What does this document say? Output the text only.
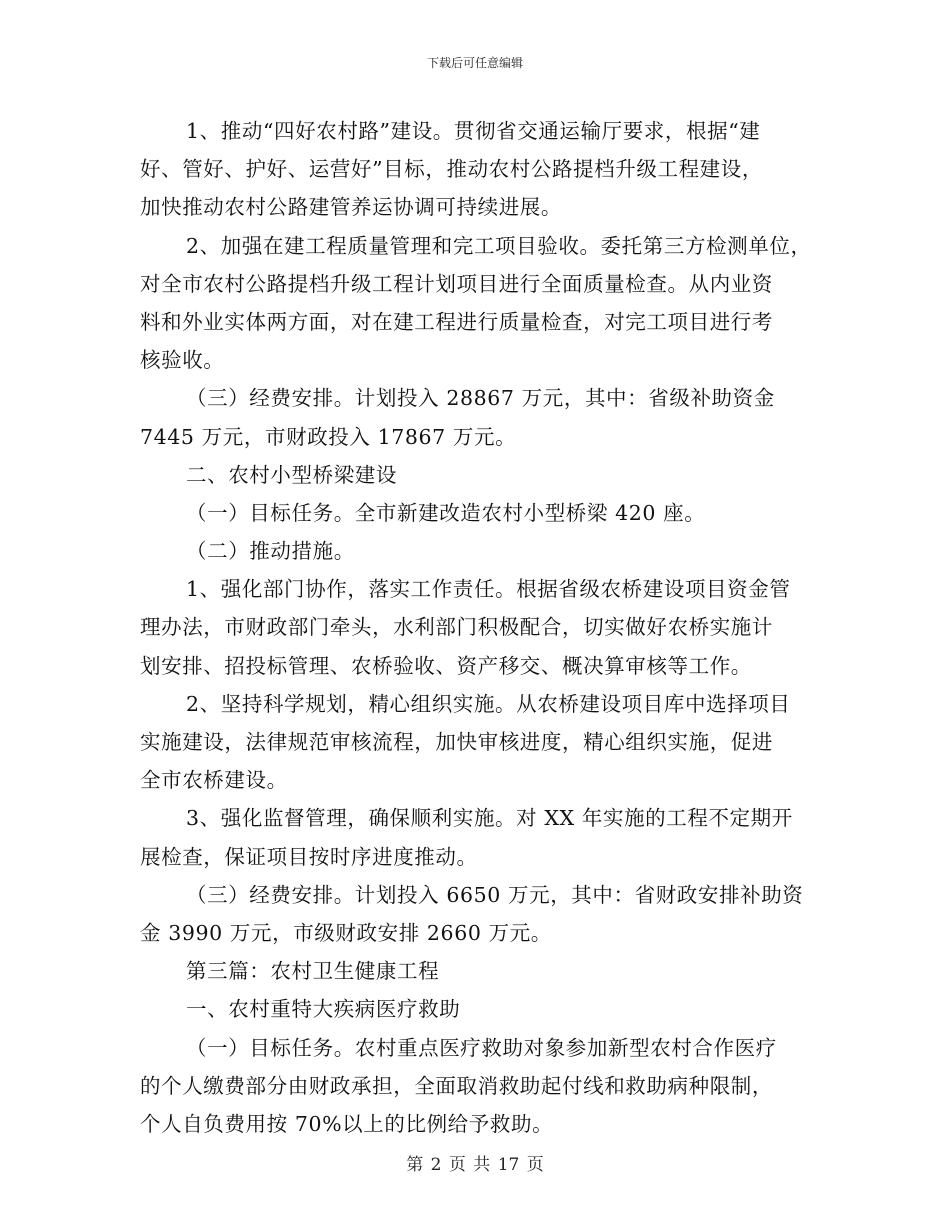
下载后可任意编辑
1、推动“四好农村路”建设。贯彻省交通运输厅要求，根据“建
好、管好、护好、运营好”目标，推动农村公路提档升级工程建设，
加快推动农村公路建管养运协调可持续进展。
2、加强在建工程质量管理和完工项目验收。委托第三方检测单位，
对全市农村公路提档升级工程计划项目进行全面质量检查。从内业资
料和外业实体两方面，对在建工程进行质量检查，对完工项目进行考
核验收。
（三）经费安排。计划投入 28867 万元，其中：省级补助资金
7445 万元，市财政投入 17867 万元。
二、农村小型桥梁建设
（一）目标任务。全市新建改造农村小型桥梁 420 座。
（二）推动措施。
1、强化部门协作，落实工作责任。根据省级农桥建设项目资金管
理办法，市财政部门牵头，水利部门积极配合，切实做好农桥实施计
划安排、招投标管理、农桥验收、资产移交、概决算审核等工作。
2、坚持科学规划，精心组织实施。从农桥建设项目库中选择项目
实施建设，法律规范审核流程，加快审核进度，精心组织实施，促进
全市农桥建设。
3、强化监督管理，确保顺利实施。对 XX 年实施的工程不定期开
展检查，保证项目按时序进度推动。
（三）经费安排。计划投入 6650 万元，其中：省财政安排补助资
金 3990 万元，市级财政安排 2660 万元。
第三篇：农村卫生健康工程
一、农村重特大疾病医疗救助
（一）目标任务。农村重点医疗救助对象参加新型农村合作医疗
的个人缴费部分由财政承担，全面取消救助起付线和救助病种限制，
个人自负费用按 70%以上的比例给予救助。
第 2 页 共 17 页
